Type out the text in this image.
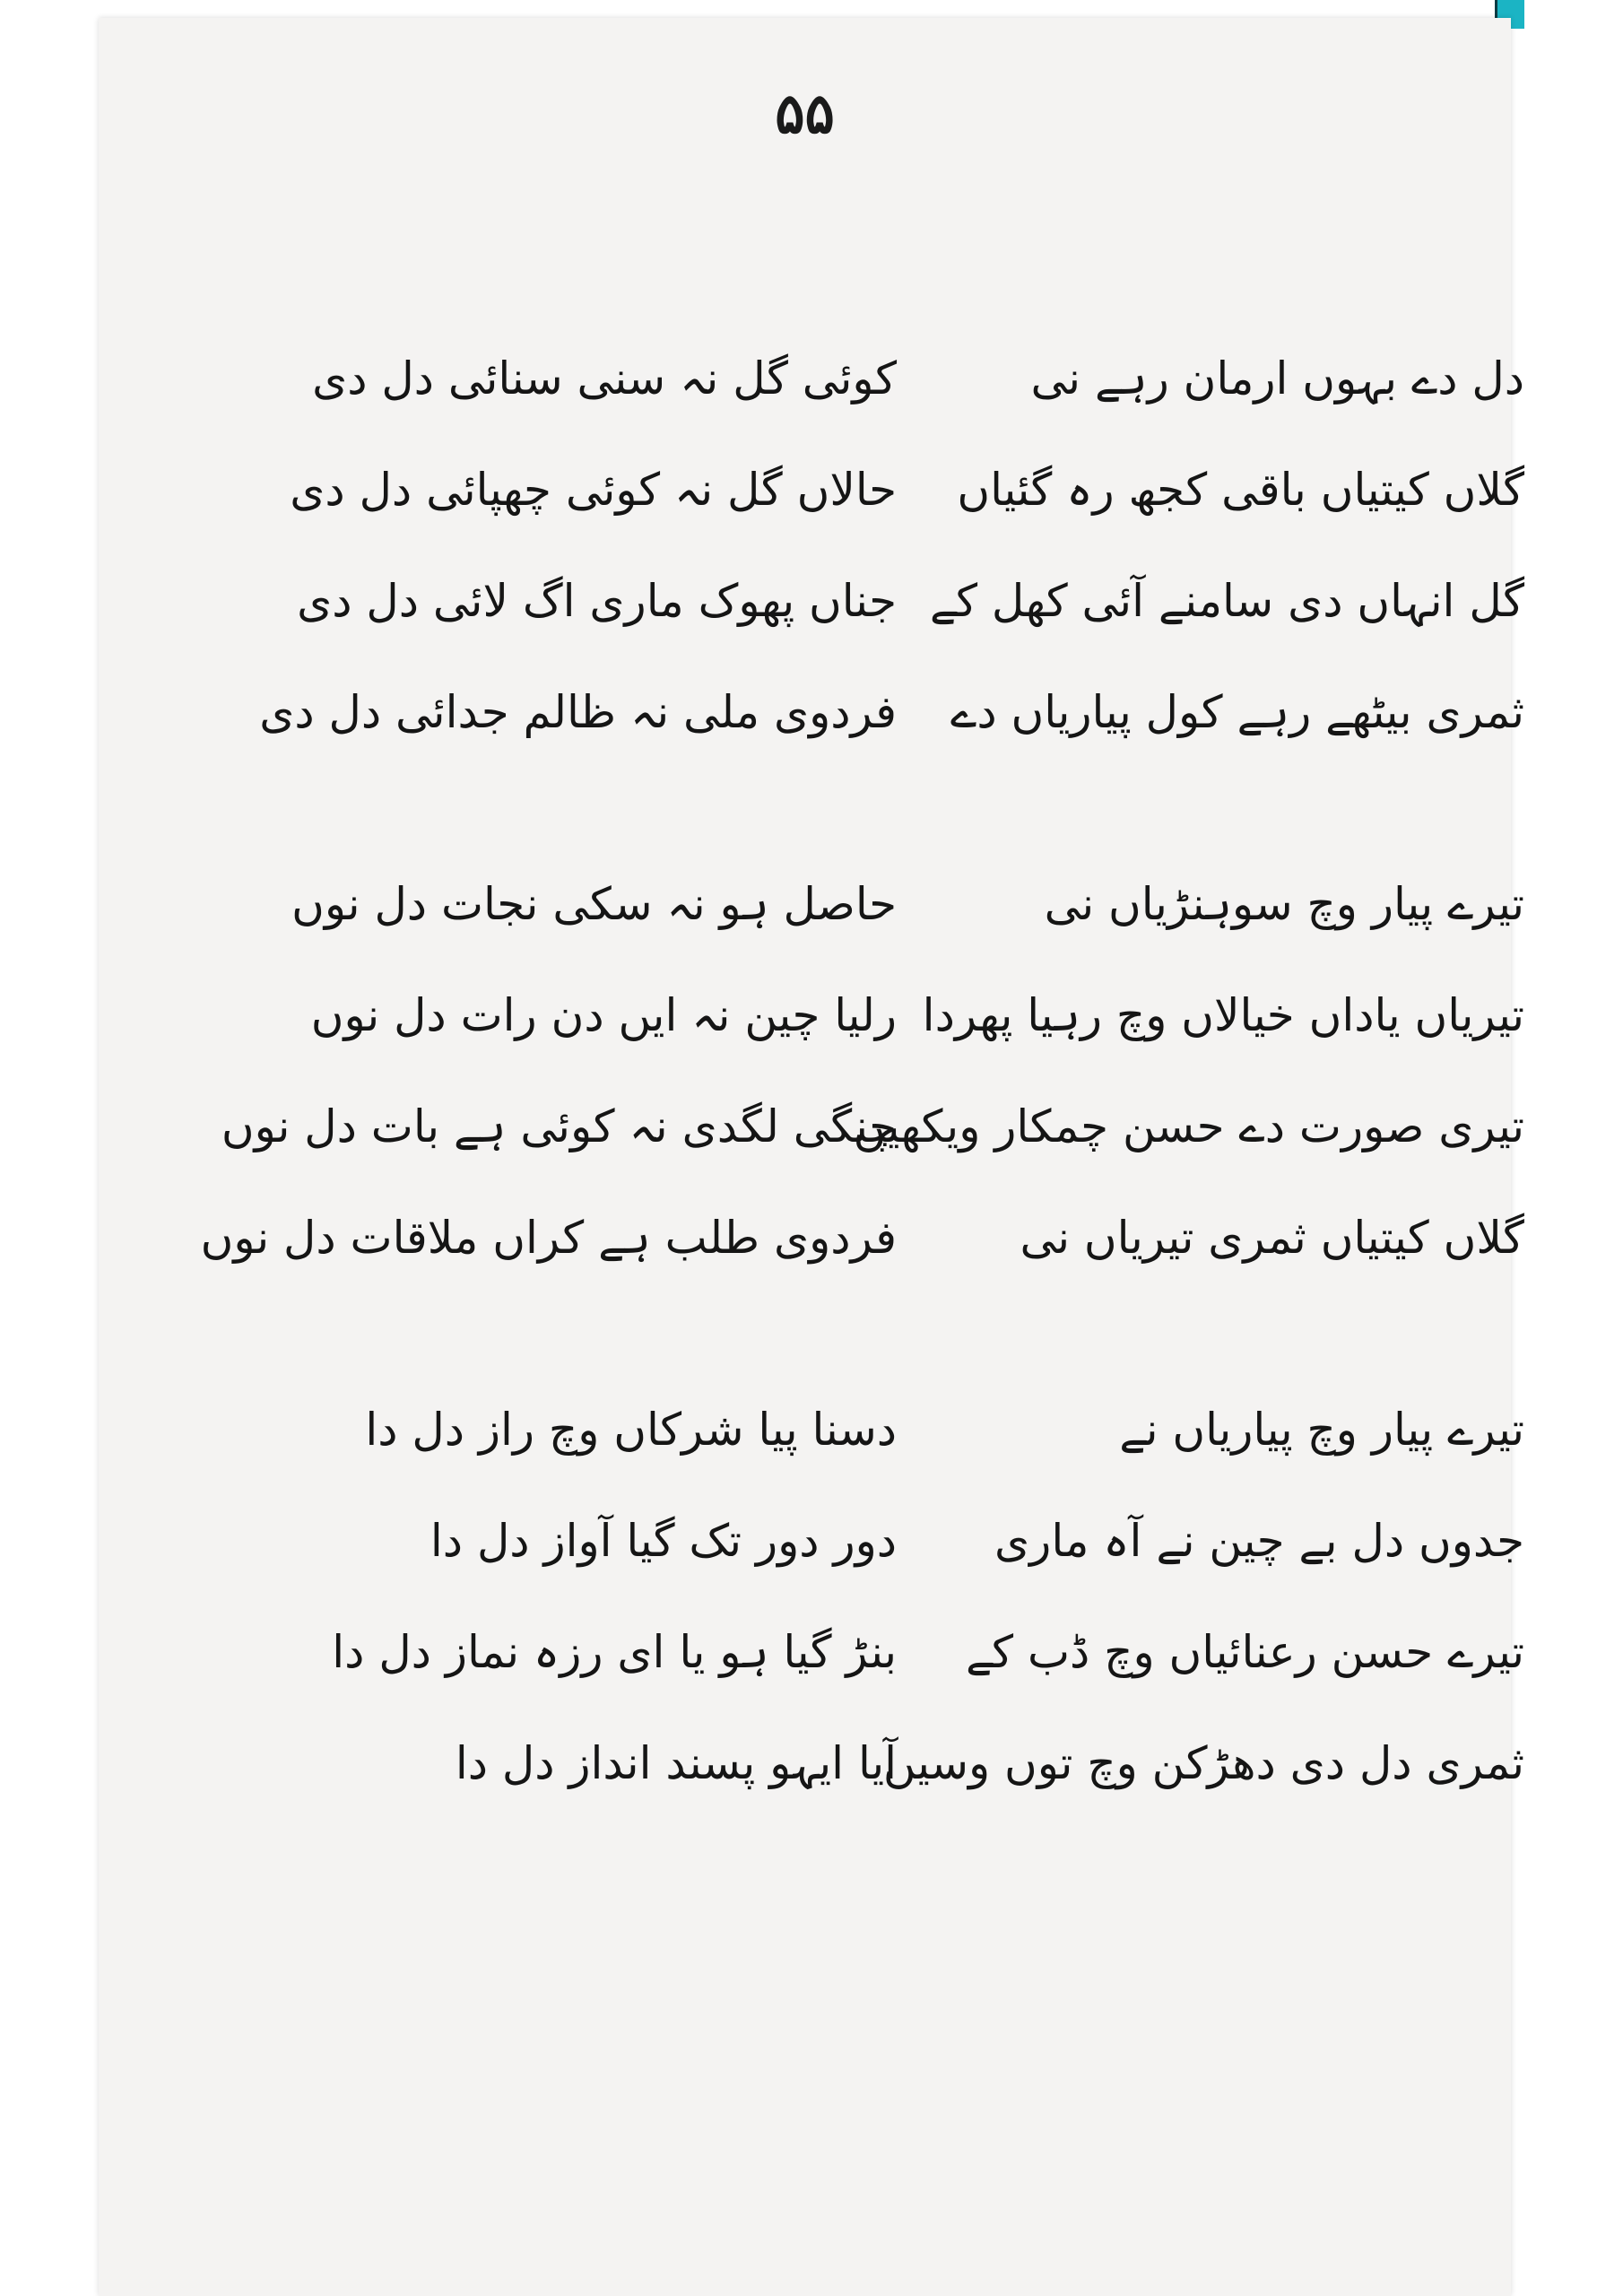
۵۵
دل دے بہوں ارمان رہے نی
کوئی گل نہ سنی سنائی دل دی
گلاں کیتیاں باقی کجھ رہ گئیاں
حالاں گل نہ کوئی چھپائی دل دی
گل انہاں دی سامنے آئی کھل کے
جناں پھوک ماری اگ لائی دل دی
ثمری بیٹھے رہے کول پیاریاں دے
فردوی ملی نہ ظالم جدائی دل دی
تیرے پیار وچ سوہنڑیاں نی
حاصل ہو نہ سکی نجات دل نوں
تیریاں یاداں خیالاں وچ رہیا پھردا
رلیا چین نہ ایں دن رات دل نوں
تیری صورت دے حسن چمکار ویکھیں
چنگی لگدی نہ کوئی ہے بات دل نوں
گلاں کیتیاں ثمری تیریاں نی
فردوی طلب ہے کراں ملاقات دل نوں
تیرے پیار وچ پیاریاں نے
دسنا پیا شرکاں وچ راز دل دا
جدوں دل بے چین نے آہ ماری
دور دور تک گیا آواز دل دا
تیرے حسن رعنائیاں وچ ڈب کے
بنڑ گیا ہو یا ای رزہ نماز دل دا
ثمری دل دی دھڑکن وچ توں وسیں
آیا ایہو پسند انداز دل دا
